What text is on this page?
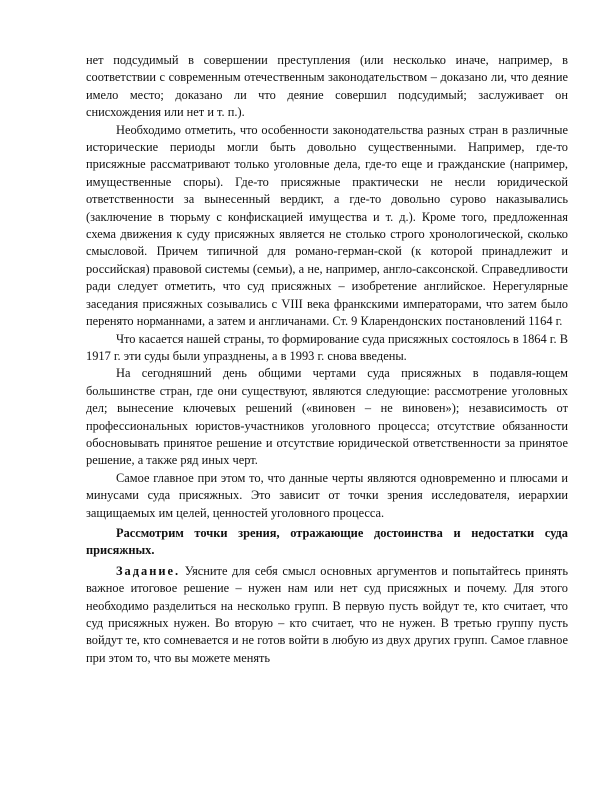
нет подсудимый в совершении преступления (или несколько иначе, например, в соответствии с современным отечественным законодательством – доказано ли, что деяние имело место; доказано ли что деяние совершил подсудимый; заслуживает он снисхождения или нет и т. п.).

Необходимо отметить, что особенности законодательства разных стран в различные исторические периоды могли быть довольно существенными. Например, где-то присяжные рассматривают только уголовные дела, где-то еще и гражданские (например, имущественные споры). Где-то присяжные практически не несли юридической ответственности за вынесенный вердикт, а где-то довольно сурово наказывались (заключение в тюрьму с конфискацией имущества и т. д.). Кроме того, предложенная схема движения к суду присяжных является не столько строго хронологической, сколько смысловой. Причем типичной для романо-герман-ской (к которой принадлежит и российская) правовой системы (семьи), а не, например, англо-саксонской. Справедливости ради следует отметить, что суд присяжных – изобретение английское. Нерегулярные заседания присяжных созывались с VIII века франкскими императорами, что затем было перенято норманнами, а затем и англичанами. Ст. 9 Кларендонских постановлений 1164 г.

Что касается нашей страны, то формирование суда присяжных состоялось в 1864 г. В 1917 г. эти суды были упразднены, а в 1993 г. снова введены.

На сегодняшний день общими чертами суда присяжных в подавля-ющем большинстве стран, где они существуют, являются следующие: рассмотрение уголовных дел; вынесение ключевых решений («виновен – не виновен»); независимость от профессиональных юристов-участников уголовного процесса; отсутствие обязанности обосновывать принятое решение и отсутствие юридической ответственности за принятое решение, а также ряд иных черт.

Самое главное при этом то, что данные черты являются одновременно и плюсами и минусами суда присяжных. Это зависит от точки зрения исследователя, иерархии защищаемых им целей, ценностей уголовного процесса.

Рассмотрим точки зрения, отражающие достоинства и недостатки суда присяжных.

Задание. Уясните для себя смысл основных аргументов и попытайтесь принять важное итоговое решение – нужен нам или нет суд присяжных и почему. Для этого необходимо разделиться на несколько групп. В первую пусть войдут те, кто считает, что суд присяжных нужен. Во вторую – кто считает, что не нужен. В третью группу пусть войдут те, кто сомневается и не готов войти в любую из двух других групп. Самое главное при этом то, что вы можете менять
